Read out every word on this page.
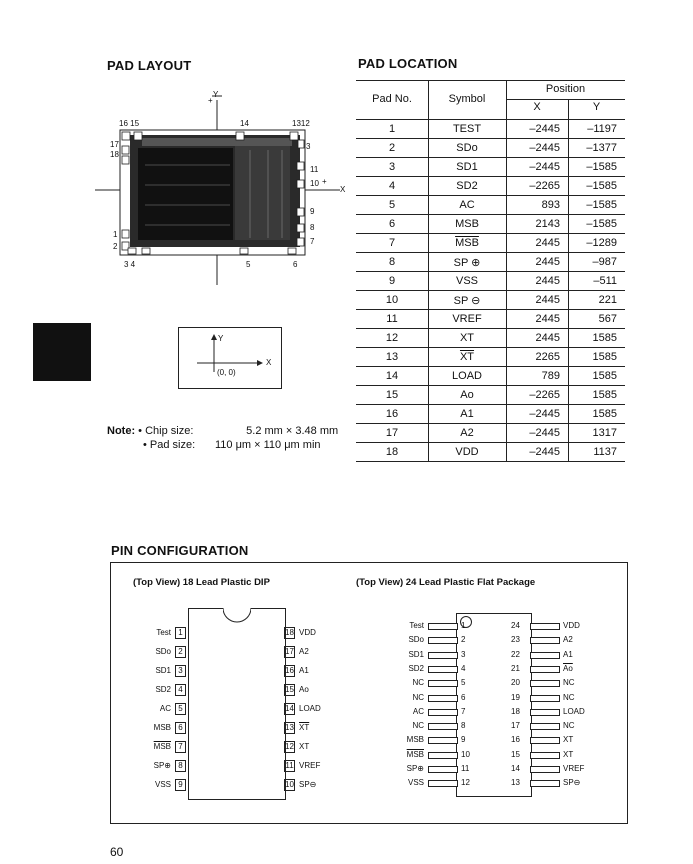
PAD LAYOUT
Y
+
16 15	14	1312
17
18
3
11
10 +
X
9
8
7
1
2
3 4	5	6
Y
X
(0, 0)
Note: • Chip size:	5.2 mm × 3.48 mm
• Pad size: 110 μm × 110 μm min
PAD LOCATION
Pad No.	Symbol
Position
X	Y
1	TEST	–2445	–1197
2	SDo	–2445	–1377
3	SD1	–2445	–1585
4	SD2	–2265	–1585
5	AC	893	–1585
6	MSB	2143	–1585
7	$\overline{MSB}$	2445	–1289
8	SP ⊕	2445	–987
9	VSS	2445	–511
10	SP ⊖	2445	221
11	VREF	2445	567
12	XT	2445	1585
13	$\overline{XT}$	2265	1585
14	LOAD	789	1585
15	Ao	–2265	1585
16	A1	–2445	1585
17	A2	–2445	1317
18	VDD	–2445	1137
PIN CONFIGURATION
(Top View) 18 Lead Plastic DIP	(Top View) 24 Lead Plastic Flat Package
1
Test
2
SDo
3
SD1
4
SD2
5
AC
6
MSB
7
$\overline{MSB}$
8
SP⊕
9
VSS
18 VDD
17 A2
16 A1
15 Ao
14 LOAD
13 $\overline{XT}$
12 XT
11 VREF
10 SP⊖
1
Test
2
SDo
3
SD1
4
SD2
5
NC
6
NC
7
AC
8
NC
9
MSB
10
$\overline{MSB}$
11
SP⊕
12
VSS
24	VDD
23	A2
22	A1
21	$\overline{Ao}$
20	NC
19	NC
18	LOAD
17	NC
16	XT
15	XT
14	VREF
13	SP⊖
60
